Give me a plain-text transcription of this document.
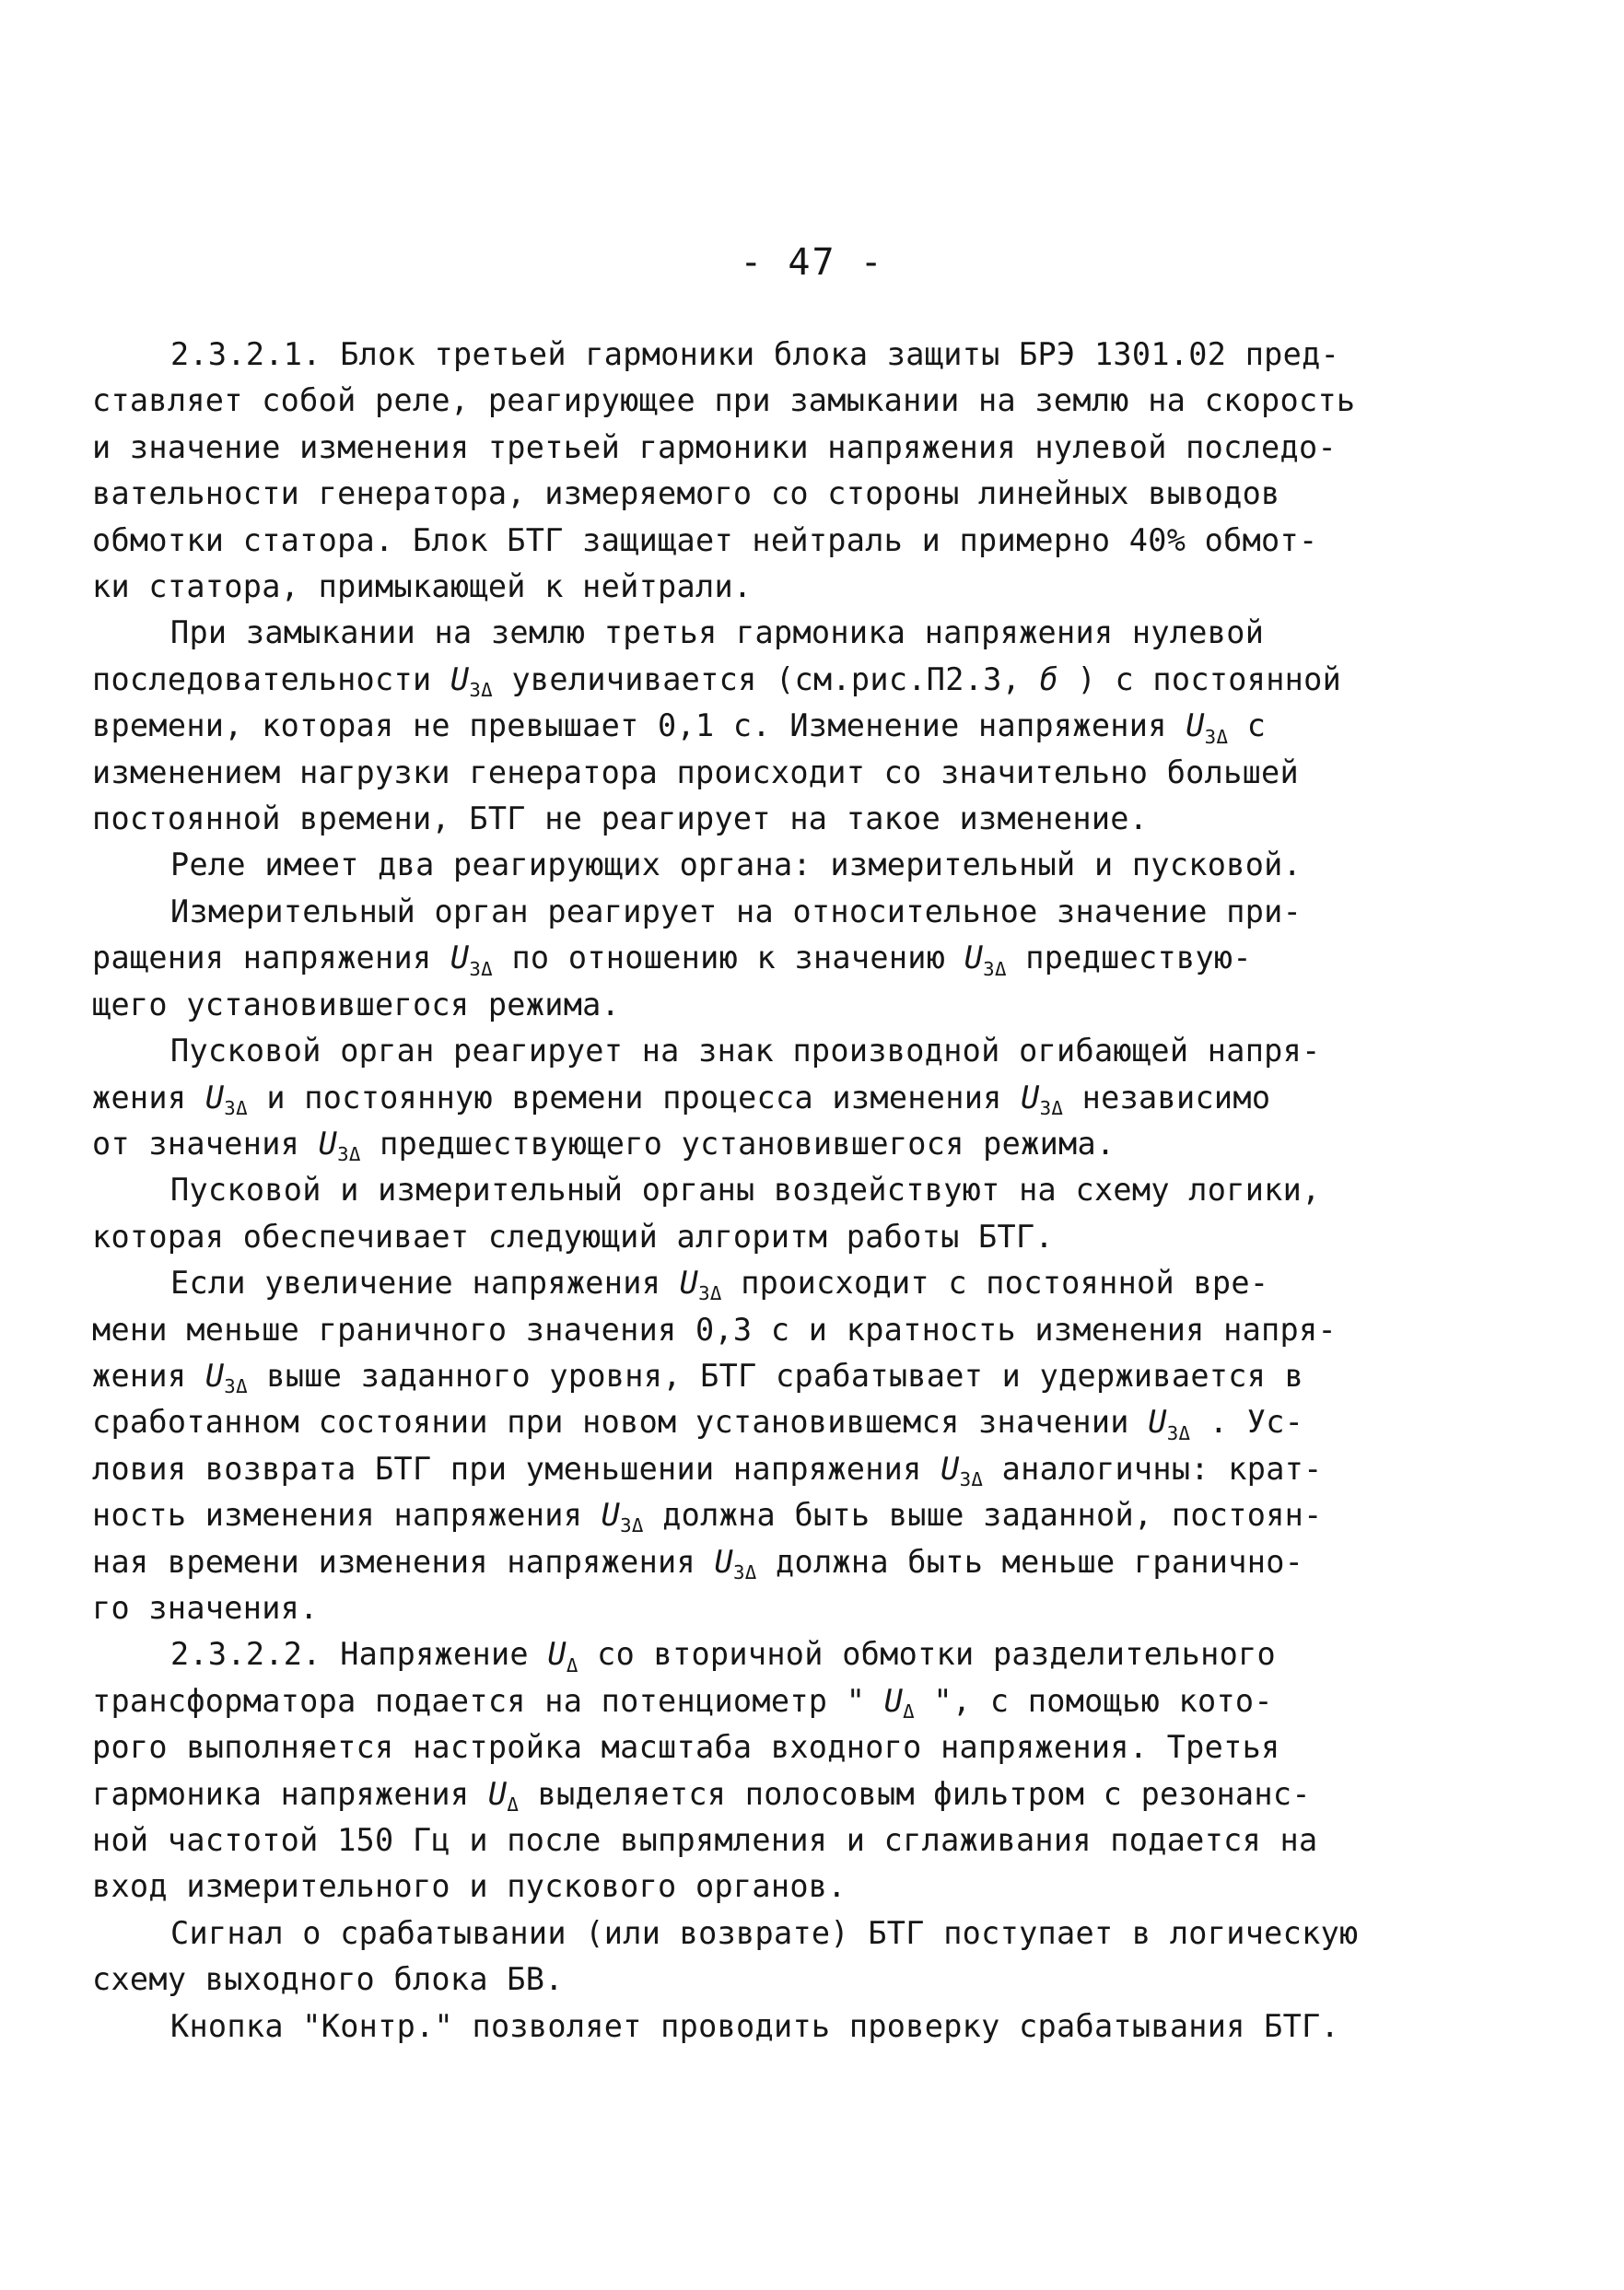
- 47 -
2.3.2.1. Блок третьей гармоники блока защиты БРЭ 1301.02 пред-
ставляет собой реле, реагирующее при замыкании на землю на скорость
и значение изменения третьей гармоники напряжения нулевой последо-
вательности генератора, измеряемого со стороны линейных выводов
обмотки статора. Блок БТГ защищает нейтраль и примерно 40% обмот-
ки статора, примыкающей к нейтрали.
При замыкании на землю третья гармоника напряжения нулевой
последовательности $U_{3\Delta}$ увеличивается (см.рис.П2.3, б ) с постоянной
времени, которая не превышает 0,1 с. Изменение напряжения $U_{3\Delta}$ с
изменением нагрузки генератора происходит со значительно большей
постоянной времени, БТГ не реагирует на такое изменение.
Реле имеет два реагирующих органа: измерительный и пусковой.
Измерительный орган реагирует на относительное значение при-
ращения напряжения $U_{3\Delta}$ по отношению к значению $U_{3\Delta}$ предшествую-
щего установившегося режима.
Пусковой орган реагирует на знак производной огибающей напря-
жения $U_{3\Delta}$ и постоянную времени процесса изменения $U_{3\Delta}$ независимо
от значения $U_{3\Delta}$ предшествующего установившегося режима.
Пусковой и измерительный органы воздействуют на схему логики,
которая обеспечивает следующий алгоритм работы БТГ.
Если увеличение напряжения $U_{3\Delta}$ происходит с постоянной вре-
мени меньше граничного значения 0,3 с и кратность изменения напря-
жения $U_{3\Delta}$ выше заданного уровня, БТГ срабатывает и удерживается в
сработанном состоянии при новом установившемся значении $U_{3\Delta}$ . Ус-
ловия возврата БТГ при уменьшении напряжения $U_{3\Delta}$ аналогичны: крат-
ность изменения напряжения $U_{3\Delta}$ должна быть выше заданной, постоян-
ная времени изменения напряжения $U_{3\Delta}$ должна быть меньше гранично-
го значения.
2.3.2.2. Напряжение $U_\Delta$ со вторичной обмотки разделительного
трансформатора подается на потенциометр " $U_\Delta$ ", с помощью кото-
рого выполняется настройка масштаба входного напряжения. Третья
гармоника напряжения $U_\Delta$ выделяется полосовым фильтром с резонанс-
ной частотой 150 Гц и после выпрямления и сглаживания подается на
вход измерительного и пускового органов.
Сигнал о срабатывании (или возврате) БТГ поступает в логическую
схему выходного блока БВ.
Кнопка "Контр." позволяет проводить проверку срабатывания БТГ.
